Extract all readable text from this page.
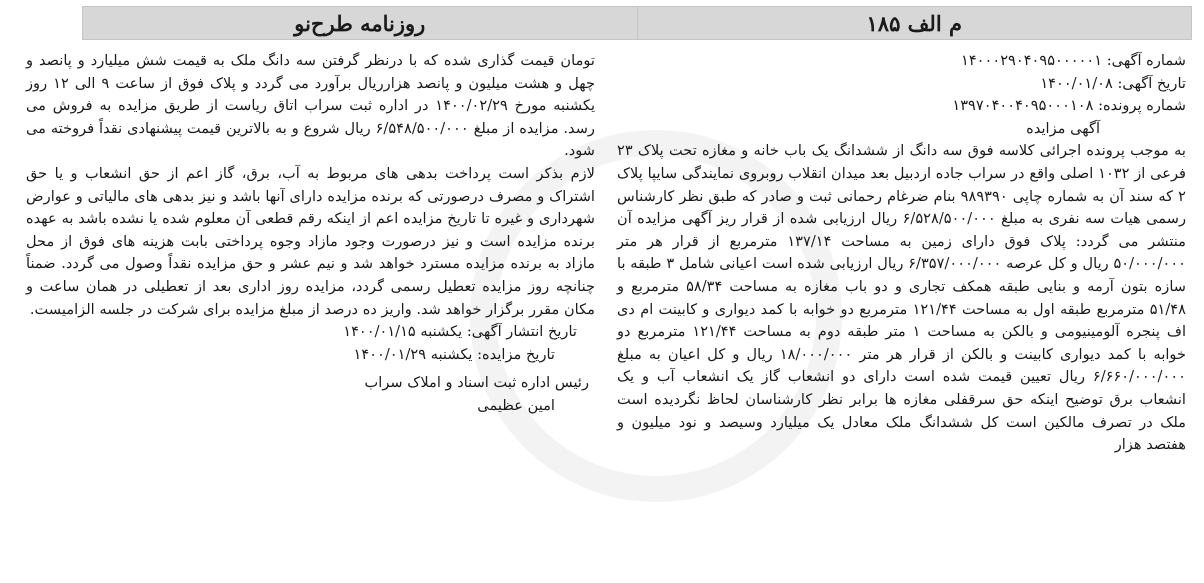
م الف ۱۸۵
روزنامه طرح‌نو
شماره آگهی: ۱۴۰۰۰۲۹۰۴۰۹۵۰۰۰۰۰۱
تاریخ آگهی: ۱۴۰۰/۰۱/۰۸
شماره پرونده: ۱۳۹۷۰۴۰۰۴۰۹۵۰۰۰۱۰۸
آگهی مزایده
به موجب پرونده اجرائی کلاسه فوق سه دانگ از ششدانگ یک باب خانه و مغازه تحت پلاک ۲۳ فرعی از ۱۰۳۲ اصلی واقع در سراب جاده اردبیل بعد میدان انقلاب روبروی نمایندگی سایپا پلاک ۲ که سند آن به شماره چاپی ۹۸۹۳۹۰ بنام ضرغام رحمانی ثبت و صادر که طبق نظر کارشناس رسمی هیات سه نفری به مبلغ ۶/۵۲۸/۵۰۰/۰۰۰ ریال ارزیابی شده از قرار ریز آگهی مزایده آن منتشر می گردد: پلاک فوق دارای زمین به مساحت ۱۳۷/۱۴ مترمربع از قرار هر متر ۵۰/۰۰۰/۰۰۰ ریال و کل عرصه ۶/۳۵۷/۰۰۰/۰۰۰ ریال ارزیابی شده است اعیانی شامل ۳ طبقه با سازه بتون آرمه و بنایی طبقه همکف تجاری و دو باب مغازه به مساحت ۵۸/۳۴ مترمربع و ۵۱/۴۸ مترمربع طبقه اول به مساحت ۱۲۱/۴۴ مترمربع دو خوابه با کمد دیواری و کابینت ام دی اف پنجره آلومینیومی و بالکن به مساحت ۱ متر طبقه دوم به مساحت ۱۲۱/۴۴ مترمربع دو خوابه با کمد دیواری کابینت و بالکن از قرار هر متر ۱۸/۰۰۰/۰۰۰ ریال و کل اعیان به مبلغ ۶/۶۶۰/۰۰۰/۰۰۰ ریال تعیین قیمت شده است دارای دو انشعاب گاز یک انشعاب آب و یک انشعاب برق توضیح اینکه حق سرقفلی مغازه ها برابر نظر کارشناسان لحاظ نگردیده است ملک در تصرف مالکین است کل ششدانگ ملک معادل یک میلیارد وسیصد و نود میلیون و هفتصد هزار
تومان قیمت گذاری شده که با درنظر گرفتن سه دانگ ملک به قیمت شش میلیارد و پانصد و چهل و هشت میلیون و پانصد هزارریال برآورد می گردد و پلاک فوق از ساعت ۹ الی ۱۲ روز یکشنبه مورخ ۱۴۰۰/۰۲/۲۹ در اداره ثبت سراب اتاق ریاست از طریق مزایده به فروش می رسد. مزایده از مبلغ ۶/۵۴۸/۵۰۰/۰۰۰ ریال شروع و به بالاترین قیمت پیشنهادی نقداً فروخته می شود.
لازم بذکر است پرداخت بدهی های مربوط به آب، برق، گاز اعم از حق انشعاب و یا حق اشتراک و مصرف درصورتی که برنده مزایده دارای آنها باشد و نیز بدهی های مالیاتی و عوارض شهرداری و غیره تا تاریخ مزایده اعم از اینکه رقم قطعی آن معلوم شده یا نشده باشد به عهده برنده مزایده است و نیز درصورت وجود مازاد وجوه پرداختی بابت هزینه های فوق از محل مازاد به برنده مزایده مسترد خواهد شد و نیم عشر و حق مزایده نقداً وصول می گردد. ضمناً چنانچه روز مزایده تعطیل رسمی گردد، مزایده روز اداری بعد از تعطیلی در همان ساعت و مکان مقرر برگزار خواهد شد. واریز ده درصد از مبلغ مزایده برای شرکت در جلسه الزامیست.
تاریخ انتشار آگهی: یکشنبه ۱۴۰۰/۰۱/۱۵
تاریخ مزایده: یکشنبه ۱۴۰۰/۰۱/۲۹
رئیس اداره ثبت اسناد و املاک سراب
امین عظیمی
